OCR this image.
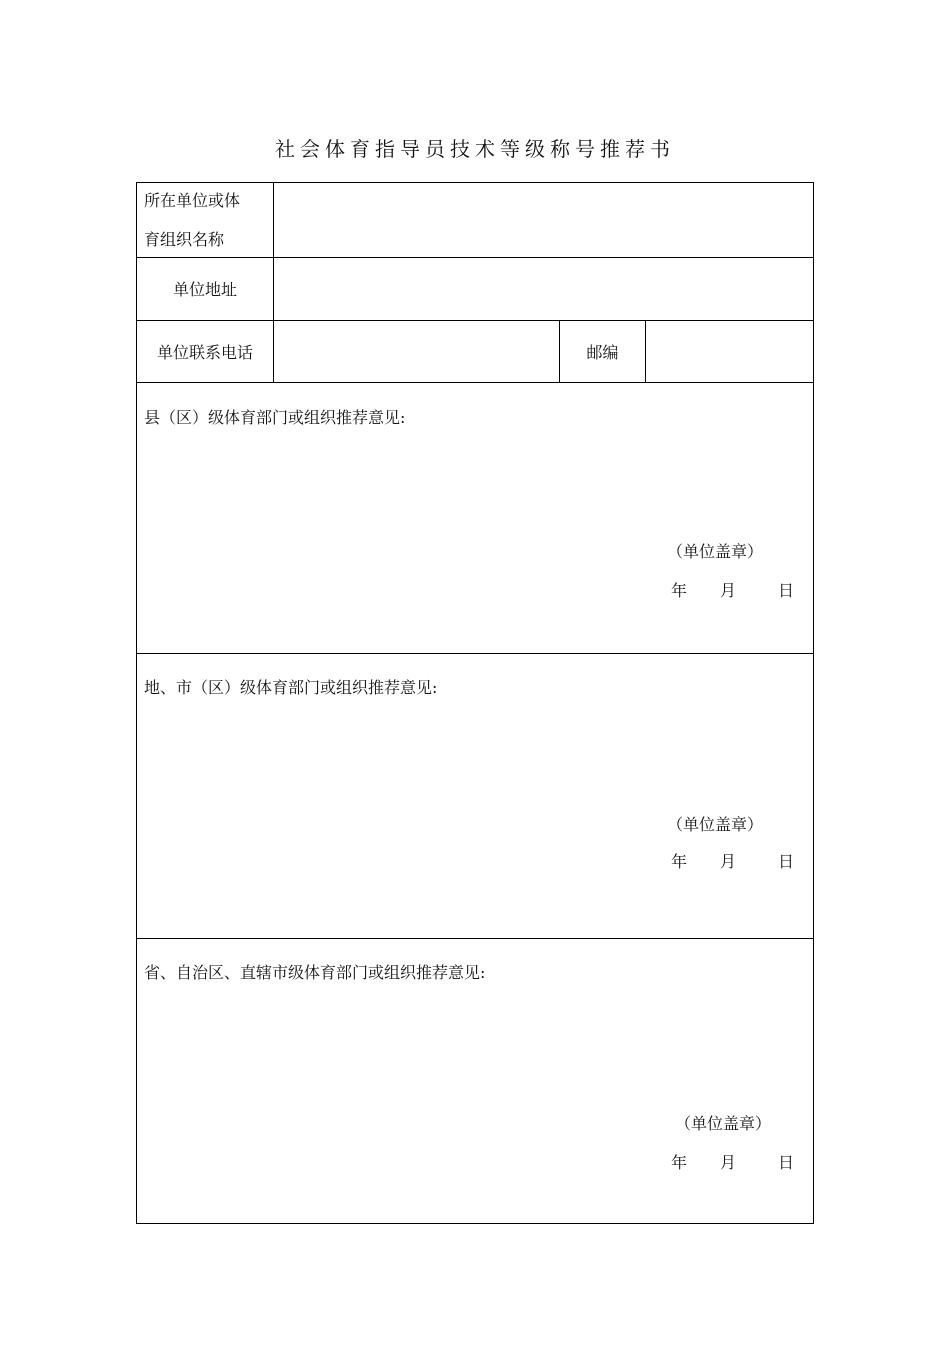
社会体育指导员技术等级称号推荐书
所在单位或体
育组织名称
单位地址
单位联系电话	邮编
县（区）级体育部门或组织推荐意见:
（单位盖章）
年 月	日
地、市（区）级体育部门或组织推荐意见:
（单位盖章）
年 月	日
省、自治区、直辖市级体育部门或组织推荐意见:
（单位盖章）
年 月	日
